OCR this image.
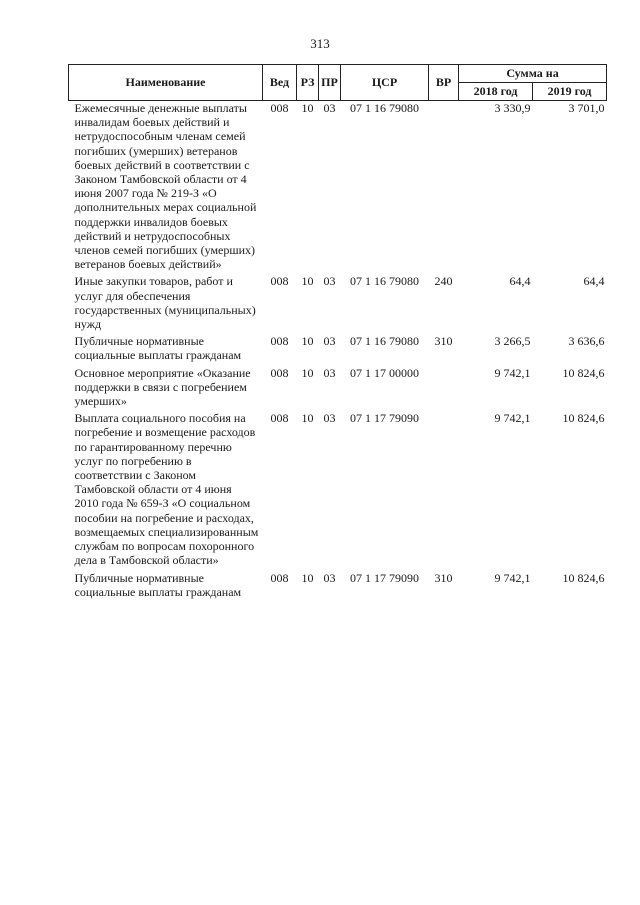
313
Наименование	Вед	РЗ	ПР	ЦСР	ВР	Сумма на	
						2018 год	2019 год
Ежемесячные денежные выплаты инвалидам боевых действий и нетрудоспособным членам семей погибших (умерших) ветеранов боевых действий в соответствии с Законом Тамбовской области от 4 июня 2007 года № 219-З «О дополнительных мерах социальной поддержки инвалидов боевых действий и нетрудоспособных членов семей погибших (умерших) ветеранов боевых действий»	008	10	03	07 1 16 79080		3 330,9	3 701,0
Иные закупки товаров, работ и услуг для обеспечения государственных (муниципальных) нужд	008	10	03	07 1 16 79080	240	64,4	64,4
Публичные нормативные социальные выплаты гражданам	008	10	03	07 1 16 79080	310	3 266,5	3 636,6
Основное мероприятие «Оказание поддержки в связи с погребением умерших»	008	10	03	07 1 17 00000		9 742,1	10 824,6
Выплата социального пособия на погребение и возмещение расходов по гарантированному перечню услуг по погребению в соответствии с Законом Тамбовской области от 4 июня 2010 года № 659-З «О социальном пособии на погребение и расходах, возмещаемых специализированным службам по вопросам похоронного дела в Тамбовской области»	008	10	03	07 1 17 79090		9 742,1	10 824,6
Публичные нормативные социальные выплаты гражданам	008	10	03	07 1 17 79090	310	9 742,1	10 824,6
